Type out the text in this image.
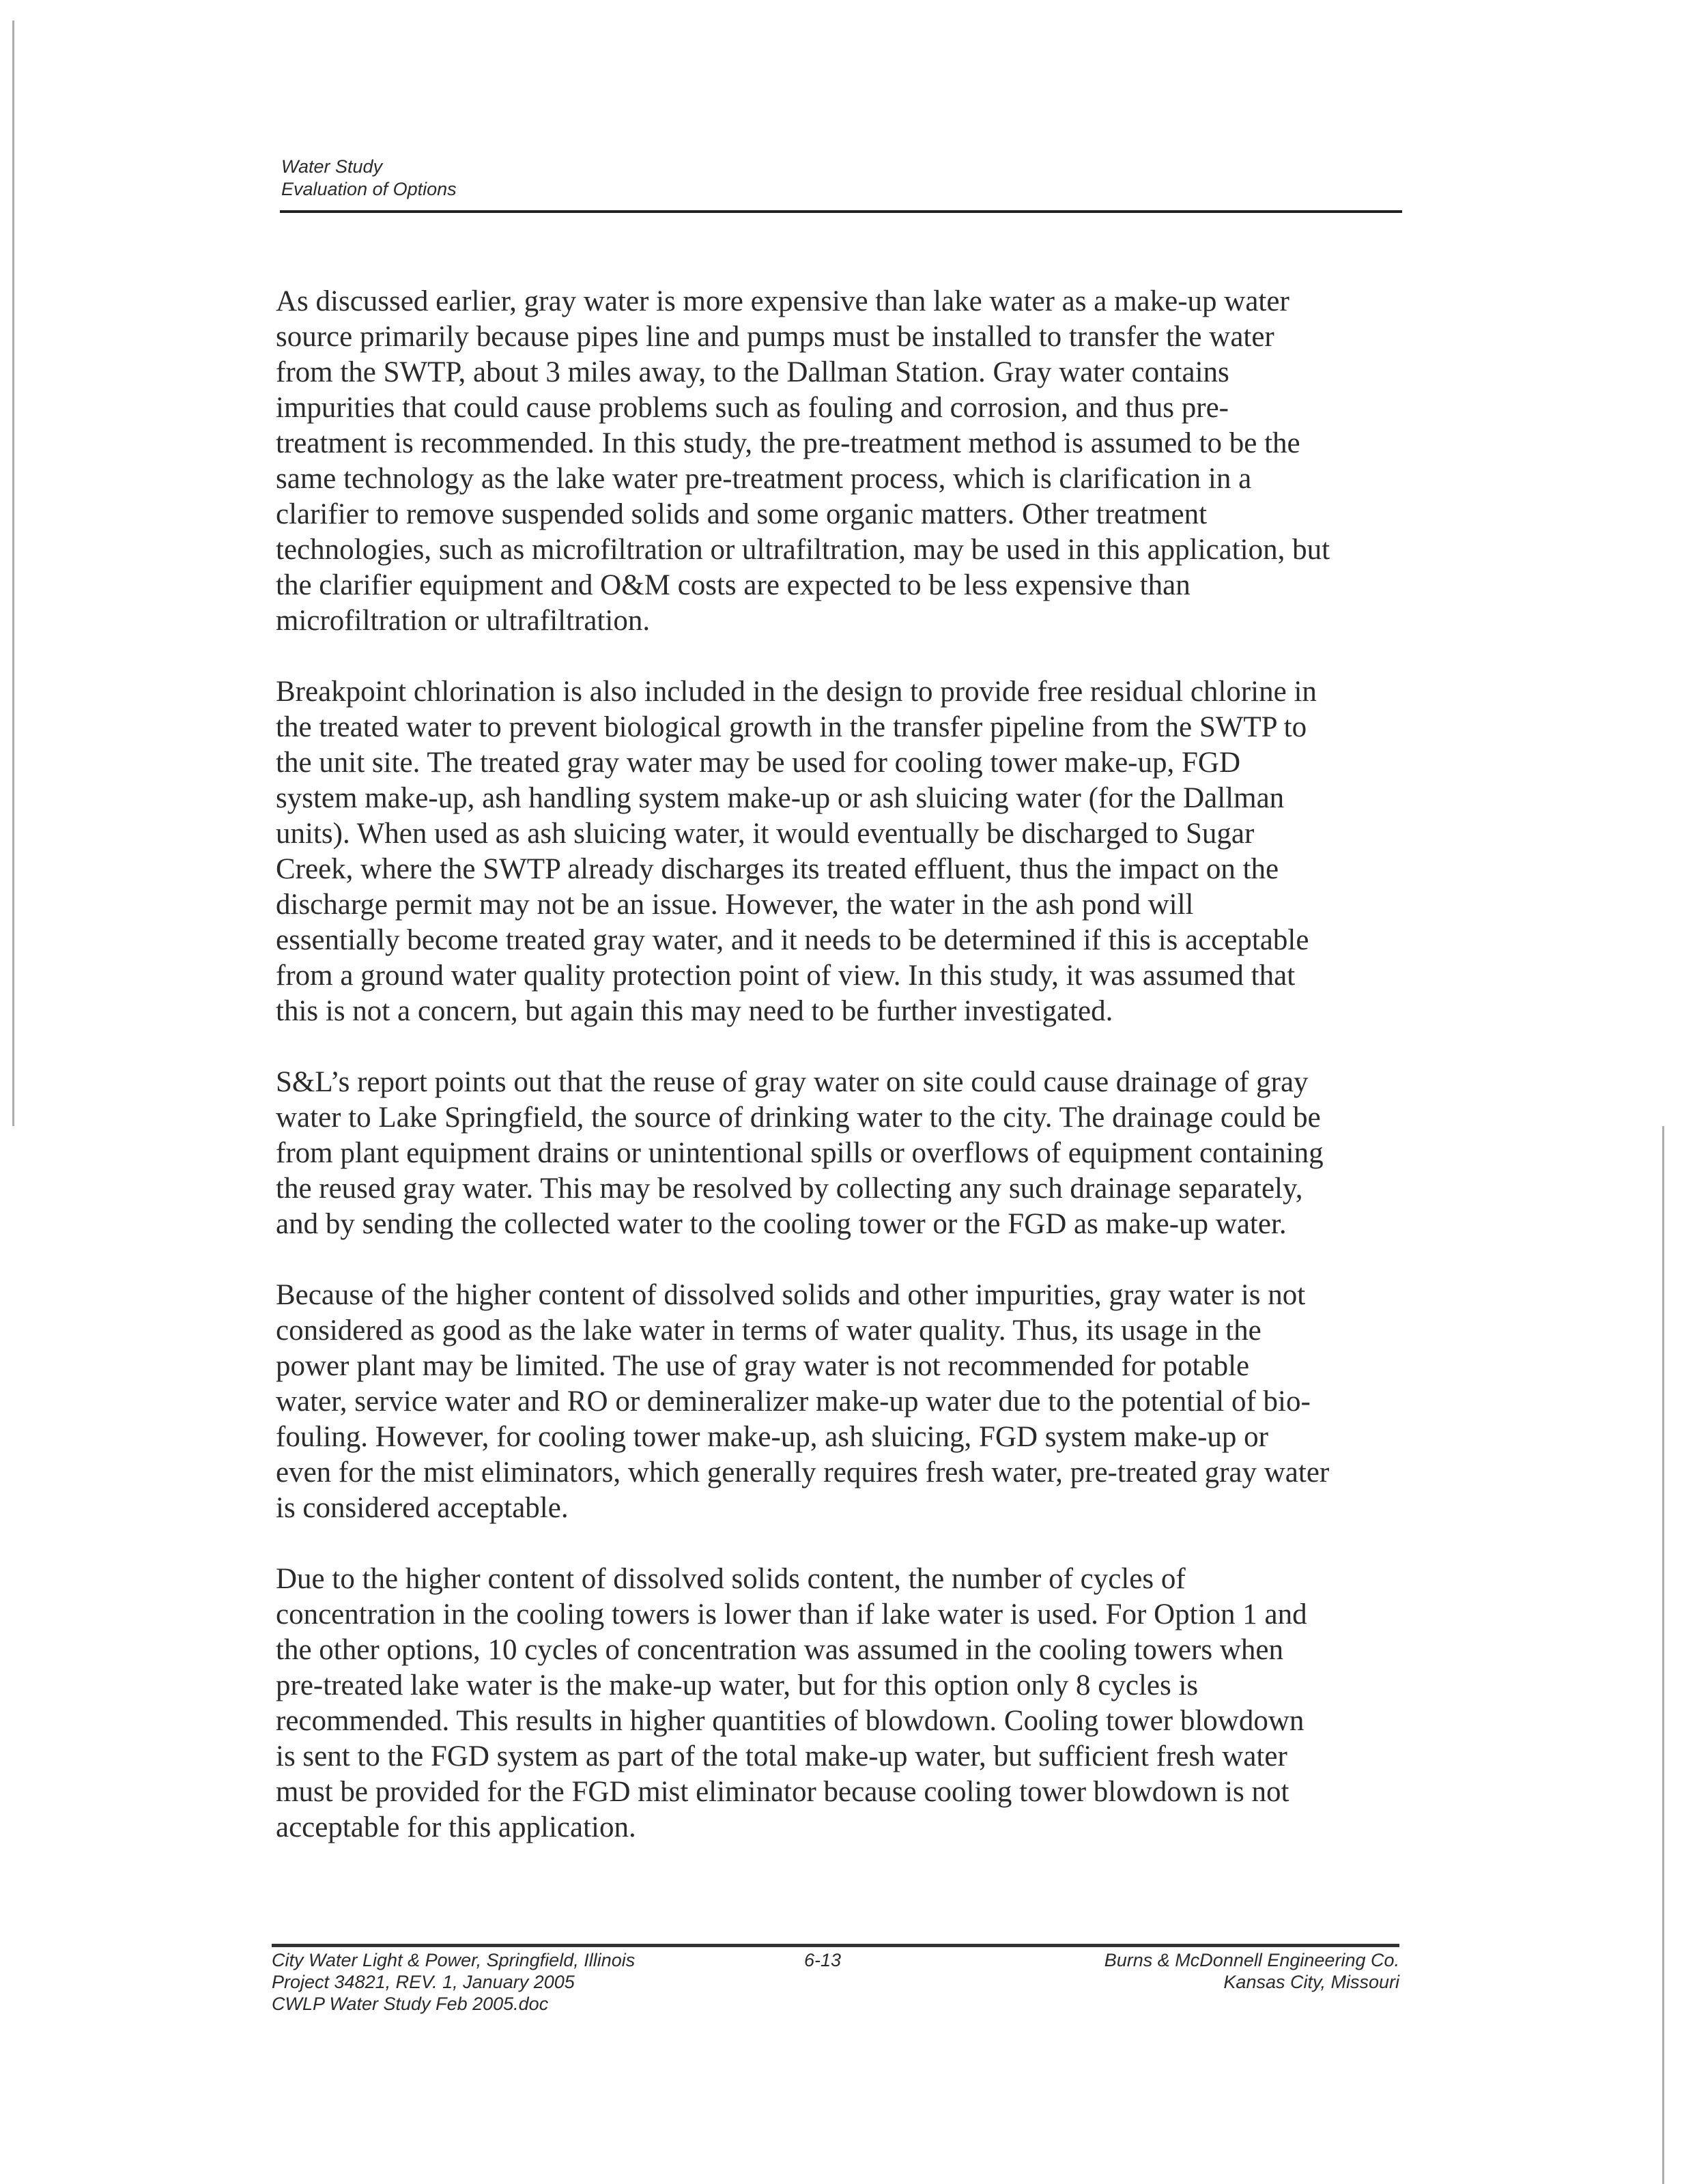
Water Study
Evaluation of Options

As discussed earlier, gray water is more expensive than lake water as a make-up water
source primarily because pipes line and pumps must be installed to transfer the water
from the SWTP, about 3 miles away, to the Dallman Station. Gray water contains
impurities that could cause problems such as fouling and corrosion, and thus pre-
treatment is recommended. In this study, the pre-treatment method is assumed to be the
same technology as the lake water pre-treatment process, which is clarification in a
clarifier to remove suspended solids and some organic matters. Other treatment
technologies, such as microfiltration or ultrafiltration, may be used in this application, but
the clarifier equipment and O&M costs are expected to be less expensive than
microfiltration or ultrafiltration.

Breakpoint chlorination is also included in the design to provide free residual chlorine in
the treated water to prevent biological growth in the transfer pipeline from the SWTP to
the unit site. The treated gray water may be used for cooling tower make-up, FGD
system make-up, ash handling system make-up or ash sluicing water (for the Dallman
units). When used as ash sluicing water, it would eventually be discharged to Sugar
Creek, where the SWTP already discharges its treated effluent, thus the impact on the
discharge permit may not be an issue. However, the water in the ash pond will
essentially become treated gray water, and it needs to be determined if this is acceptable
from a ground water quality protection point of view. In this study, it was assumed that
this is not a concern, but again this may need to be further investigated.

S&L’s report points out that the reuse of gray water on site could cause drainage of gray
water to Lake Springfield, the source of drinking water to the city. The drainage could be
from plant equipment drains or unintentional spills or overflows of equipment containing
the reused gray water. This may be resolved by collecting any such drainage separately,
and by sending the collected water to the cooling tower or the FGD as make-up water.

Because of the higher content of dissolved solids and other impurities, gray water is not
considered as good as the lake water in terms of water quality. Thus, its usage in the
power plant may be limited. The use of gray water is not recommended for potable
water, service water and RO or demineralizer make-up water due to the potential of bio-
fouling. However, for cooling tower make-up, ash sluicing, FGD system make-up or
even for the mist eliminators, which generally requires fresh water, pre-treated gray water
is considered acceptable.

Due to the higher content of dissolved solids content, the number of cycles of
concentration in the cooling towers is lower than if lake water is used. For Option 1 and
the other options, 10 cycles of concentration was assumed in the cooling towers when
pre-treated lake water is the make-up water, but for this option only 8 cycles is
recommended. This results in higher quantities of blowdown. Cooling tower blowdown
is sent to the FGD system as part of the total make-up water, but sufficient fresh water
must be provided for the FGD mist eliminator because cooling tower blowdown is not
acceptable for this application.

City Water Light & Power, Springfield, Illinois
Project 34821, REV. 1, January 2005
CWLP Water Study Feb 2005.doc
6-13	Burns & McDonnell Engineering Co.
Kansas City, Missouri
